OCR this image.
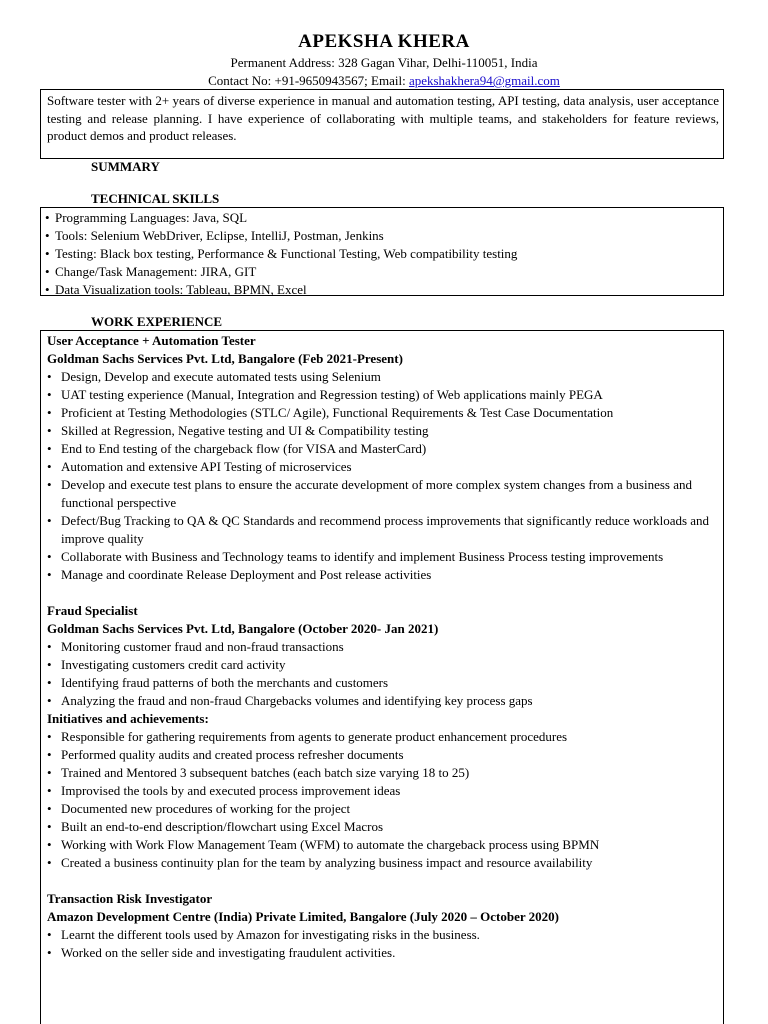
APEKSHA KHERA
Permanent Address: 328 Gagan Vihar, Delhi-110051, India
Contact No: +91-9650943567; Email: apekshakhera94@gmail.com

Software tester with 2+ years of diverse experience in manual and automation testing, API testing, data analysis, user acceptance testing and release planning. I have experience of collaborating with multiple teams, and stakeholders for feature reviews, product demos and product releases.

SUMMARY
TECHNICAL SKILLS
• Programming Languages: Java, SQL
• Tools: Selenium WebDriver, Eclipse, IntelliJ, Postman, Jenkins
• Testing: Black box testing, Performance & Functional Testing, Web compatibility testing
• Change/Task Management: JIRA, GIT
• Data Visualization tools: Tableau, BPMN, Excel
WORK EXPERIENCE
User Acceptance + Automation Tester
Goldman Sachs Services Pvt. Ltd, Bangalore (Feb 2021-Present)
• Design, Develop and execute automated tests using Selenium
• UAT testing experience (Manual, Integration and Regression testing) of Web applications mainly PEGA
• Proficient at Testing Methodologies (STLC/ Agile), Functional Requirements & Test Case Documentation
• Skilled at Regression, Negative testing and UI & Compatibility testing
• End to End testing of the chargeback flow (for VISA and MasterCard)
• Automation and extensive API Testing of microservices
• Develop and execute test plans to ensure the accurate development of more complex system changes from a business and functional perspective
• Defect/Bug Tracking to QA & QC Standards and recommend process improvements that significantly reduce workloads and improve quality
• Collaborate with Business and Technology teams to identify and implement Business Process testing improvements
• Manage and coordinate Release Deployment and Post release activities
Fraud Specialist
Goldman Sachs Services Pvt. Ltd, Bangalore (October 2020- Jan 2021)
• Monitoring customer fraud and non-fraud transactions
• Investigating customers credit card activity
• Identifying fraud patterns of both the merchants and customers
• Analyzing the fraud and non-fraud Chargebacks volumes and identifying key process gaps
Initiatives and achievements:
• Responsible for gathering requirements from agents to generate product enhancement procedures
• Performed quality audits and created process refresher documents
• Trained and Mentored 3 subsequent batches (each batch size varying 18 to 25)
• Improvised the tools by and executed process improvement ideas
• Documented new procedures of working for the project
• Built an end-to-end description/flowchart using Excel Macros
• Working with Work Flow Management Team (WFM) to automate the chargeback process using BPMN
• Created a business continuity plan for the team by analyzing business impact and resource availability
Transaction Risk Investigator
Amazon Development Centre (India) Private Limited, Bangalore (July 2020 – October 2020)
• Learnt the different tools used by Amazon for investigating risks in the business.
• Worked on the seller side and investigating fraudulent activities.
